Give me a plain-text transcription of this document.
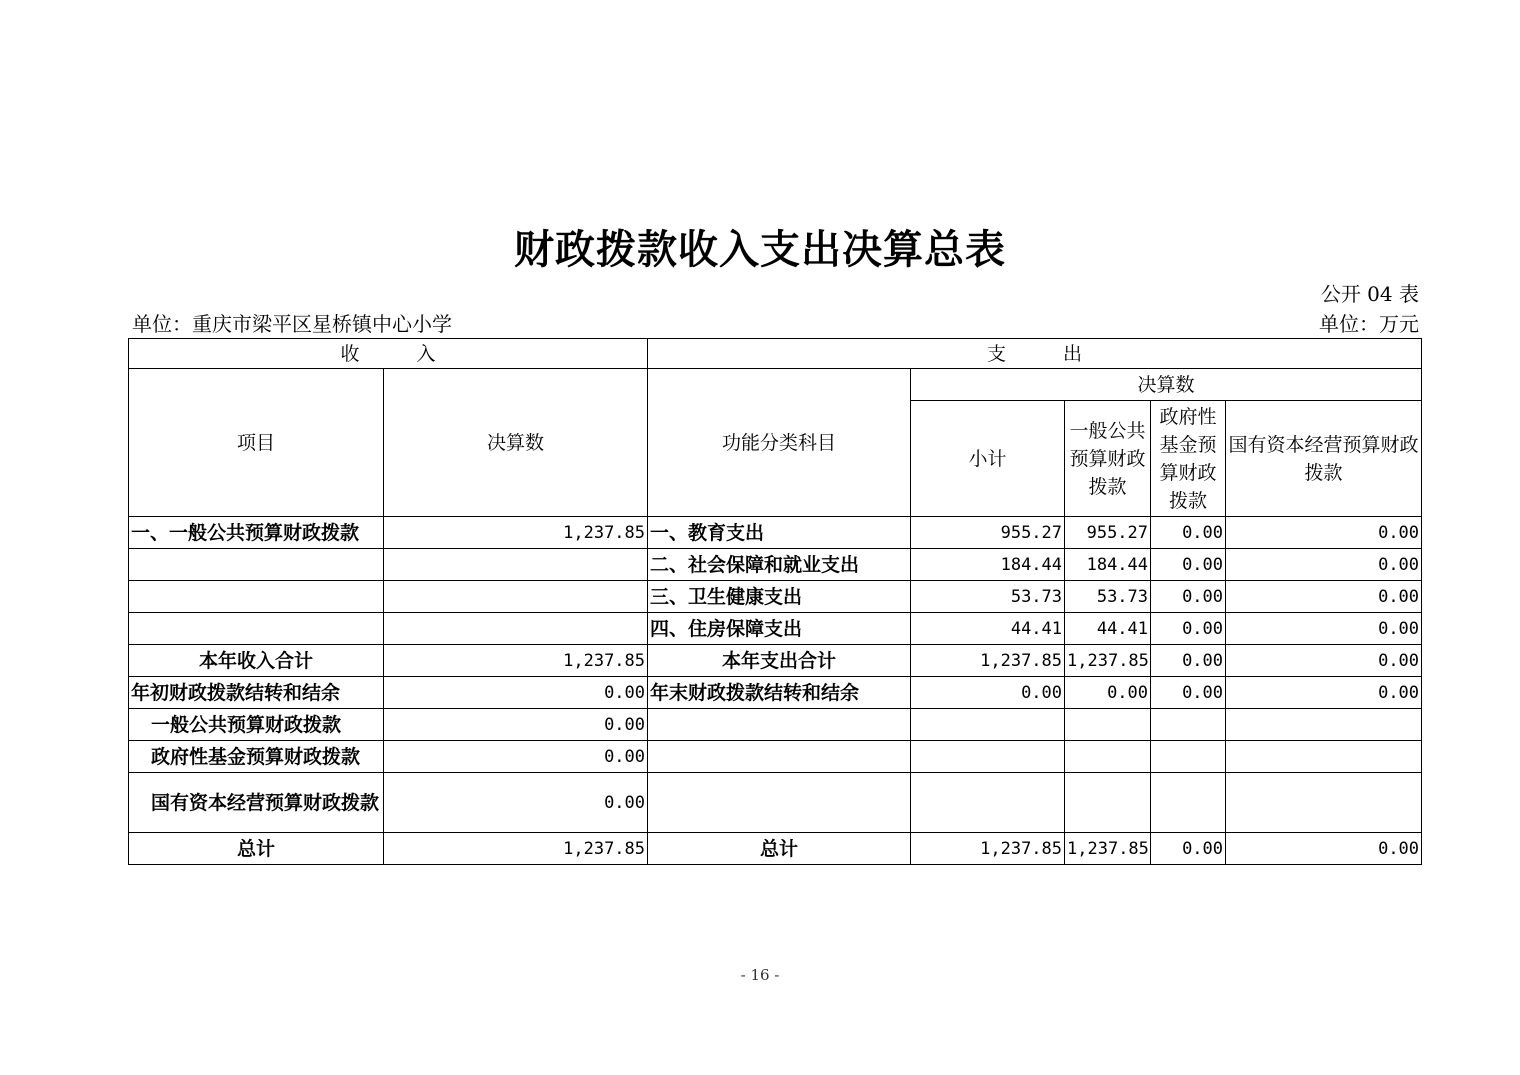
财政拨款收入支出决算总表
公开 04 表
单位：重庆市梁平区星桥镇中心小学	单位：万元
收　　　入		支　　　出				
项目	决算数	功能分类科目	决算数			
			小计	一般公共预算财政拨款	政府性基金预算财政拨款	国有资本经营预算财政拨款
一、一般公共预算财政拨款	1,237.85	一、教育支出	955.27	955.27	0.00	0.00
		二、社会保障和就业支出	184.44	184.44	0.00	0.00
		三、卫生健康支出	53.73	53.73	0.00	0.00
		四、住房保障支出	44.41	44.41	0.00	0.00
本年收入合计	1,237.85	本年支出合计	1,237.85	1,237.85	0.00	0.00
年初财政拨款结转和结余	0.00	年末财政拨款结转和结余	0.00	0.00	0.00	0.00
一般公共预算财政拨款	0.00					
政府性基金预算财政拨款	0.00					
国有资本经营预算财政拨款	0.00					
总计	1,237.85	总计	1,237.85	1,237.85	0.00	0.00
- 16 -
